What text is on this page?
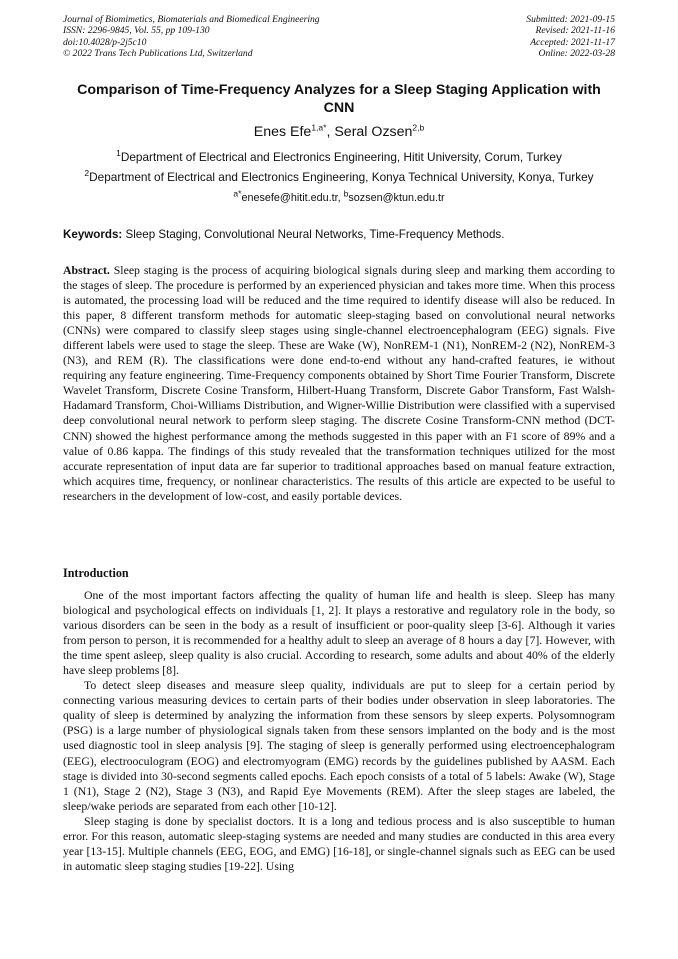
Journal of Biomimetics, Biomaterials and Biomedical Engineering
ISSN: 2296-9845, Vol. 55, pp 109-130
doi:10.4028/p-2j5c10
© 2022 Trans Tech Publications Ltd, Switzerland
Submitted: 2021-09-15
Revised: 2021-11-16
Accepted: 2021-11-17
Online: 2022-03-28
Comparison of Time-Frequency Analyzes for a Sleep Staging Application with CNN
Enes Efe$^{1,a*}$, Seral Ozsen$^{2,b}$
$^1$Department of Electrical and Electronics Engineering, Hitit University, Corum, Turkey
$^2$Department of Electrical and Electronics Engineering, Konya Technical University, Konya, Turkey
$^{a*}$enesefe@hitit.edu.tr, $^b$sozsen@ktun.edu.tr
Keywords: Sleep Staging, Convolutional Neural Networks, Time-Frequency Methods.
Abstract. Sleep staging is the process of acquiring biological signals during sleep and marking them according to the stages of sleep. The procedure is performed by an experienced physician and takes more time. When this process is automated, the processing load will be reduced and the time required to identify disease will also be reduced. In this paper, 8 different transform methods for automatic sleep-staging based on convolutional neural networks (CNNs) were compared to classify sleep stages using single-channel electroencephalogram (EEG) signals. Five different labels were used to stage the sleep. These are Wake (W), NonREM-1 (N1), NonREM-2 (N2), NonREM-3 (N3), and REM (R). The classifications were done end-to-end without any hand-crafted features, ie without requiring any feature engineering. Time-Frequency components obtained by Short Time Fourier Transform, Discrete Wavelet Transform, Discrete Cosine Transform, Hilbert-Huang Transform, Discrete Gabor Transform, Fast Walsh-Hadamard Transform, Choi-Williams Distribution, and Wigner-Willie Distribution were classified with a supervised deep convolutional neural network to perform sleep staging. The discrete Cosine Transform-CNN method (DCT-CNN) showed the highest performance among the methods suggested in this paper with an F1 score of 89% and a value of 0.86 kappa. The findings of this study revealed that the transformation techniques utilized for the most accurate representation of input data are far superior to traditional approaches based on manual feature extraction, which acquires time, frequency, or nonlinear characteristics. The results of this article are expected to be useful to researchers in the development of low-cost, and easily portable devices.
Introduction

One of the most important factors affecting the quality of human life and health is sleep. Sleep has many biological and psychological effects on individuals [1, 2]. It plays a restorative and regulatory role in the body, so various disorders can be seen in the body as a result of insufficient or poor-quality sleep [3-6]. Although it varies from person to person, it is recommended for a healthy adult to sleep an average of 8 hours a day [7]. However, with the time spent asleep, sleep quality is also crucial. According to research, some adults and about 40% of the elderly have sleep problems [8].

To detect sleep diseases and measure sleep quality, individuals are put to sleep for a certain period by connecting various measuring devices to certain parts of their bodies under observation in sleep laboratories. The quality of sleep is determined by analyzing the information from these sensors by sleep experts. Polysomnogram (PSG) is a large number of physiological signals taken from these sensors implanted on the body and is the most used diagnostic tool in sleep analysis [9]. The staging of sleep is generally performed using electroencephalogram (EEG), electrooculogram (EOG) and electromyogram (EMG) records by the guidelines published by AASM. Each stage is divided into 30-second segments called epochs. Each epoch consists of a total of 5 labels: Awake (W), Stage 1 (N1), Stage 2 (N2), Stage 3 (N3), and Rapid Eye Movements (REM). After the sleep stages are labeled, the sleep/wake periods are separated from each other [10-12].

Sleep staging is done by specialist doctors. It is a long and tedious process and is also susceptible to human error. For this reason, automatic sleep-staging systems are needed and many studies are conducted in this area every year [13-15]. Multiple channels (EEG, EOG, and EMG) [16-18], or single-channel signals such as EEG can be used in automatic sleep staging studies [19-22]. Using
